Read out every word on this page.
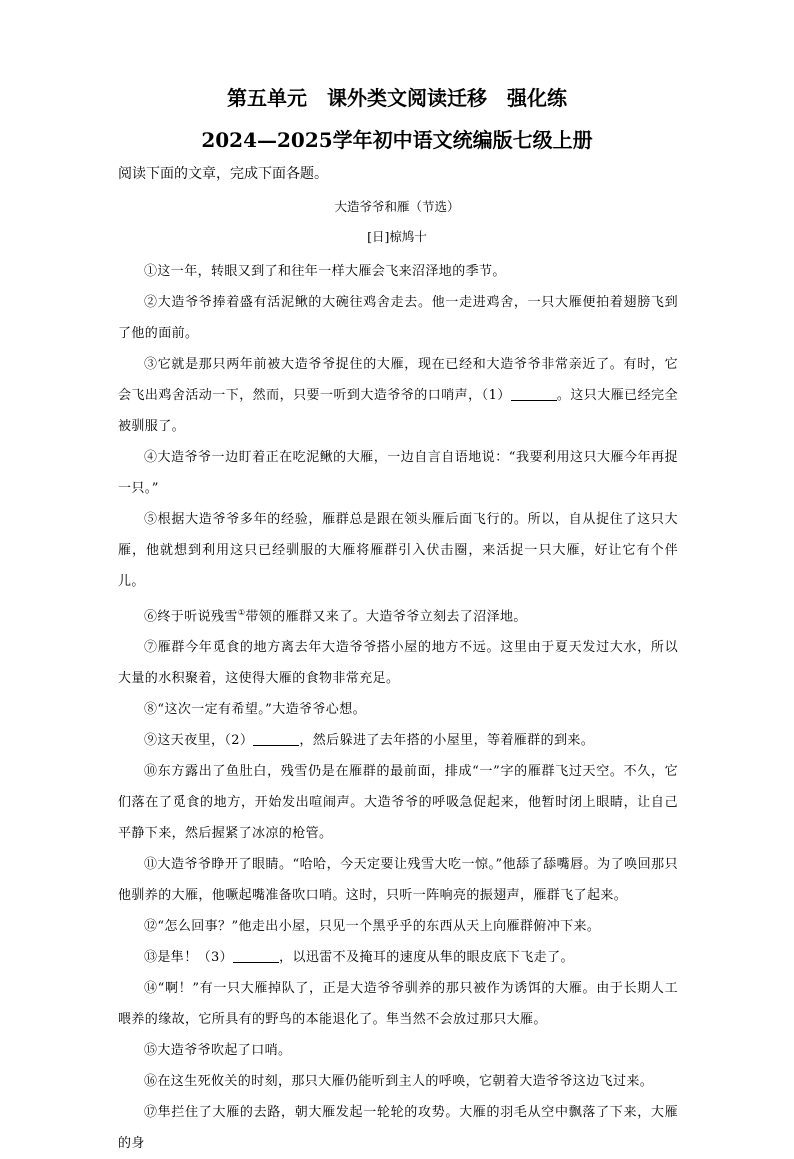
第五单元　课外类文阅读迁移　强化练
2024—2025学年初中语文统编版七级上册
阅读下面的文章，完成下面各题。
大造爷爷和雁（节选）
[日]椋鸠十

①这一年，转眼又到了和往年一样大雁会飞来沼泽地的季节。

②大造爷爷捧着盛有活泥鳅的大碗往鸡舍走去。他一走进鸡舍，一只大雁便拍着翅膀飞到了他的面前。

③它就是那只两年前被大造爷爷捉住的大雁，现在已经和大造爷爷非常亲近了。有时，它会飞出鸡舍活动一下，然而，只要一听到大造爷爷的口哨声，（1）	。这只大雁已经完全被驯服了。

④大造爷爷一边盯着正在吃泥鳅的大雁，一边自言自语地说：“我要利用这只大雁今年再捉一只。”

⑤根据大造爷爷多年的经验，雁群总是跟在领头雁后面飞行的。所以，自从捉住了这只大雁，他就想到利用这只已经驯服的大雁将雁群引入伏击圈，来活捉一只大雁，好让它有个伴儿。

⑥终于听说残雪①带领的雁群又来了。大造爷爷立刻去了沼泽地。

⑦雁群今年觅食的地方离去年大造爷爷搭小屋的地方不远。这里由于夏天发过大水，所以大量的水积聚着，这使得大雁的食物非常充足。

⑧“这次一定有希望。”大造爷爷心想。

⑨这天夜里，（2）	，然后躲进了去年搭的小屋里，等着雁群的到来。

⑩东方露出了鱼肚白，残雪仍是在雁群的最前面，排成“一”字的雁群飞过天空。不久，它们落在了觅食的地方，开始发出喧闹声。大造爷爷的呼吸急促起来，他暂时闭上眼睛，让自己平静下来，然后握紧了冰凉的枪管。

⑪大造爷爷睁开了眼睛。“哈哈，今天定要让残雪大吃一惊。”他舔了舔嘴唇。为了唤回那只他驯养的大雁，他噘起嘴准备吹口哨。这时，只听一阵响亮的振翅声，雁群飞了起来。

⑫“怎么回事？”他走出小屋，只见一个黑乎乎的东西从天上向雁群俯冲下来。

⑬是隼！（3）	，以迅雷不及掩耳的速度从隼的眼皮底下飞走了。

⑭“啊！”有一只大雁掉队了，正是大造爷爷驯养的那只被作为诱饵的大雁。由于长期人工喂养的缘故，它所具有的野鸟的本能退化了。隼当然不会放过那只大雁。

⑮大造爷爷吹起了口哨。

⑯在这生死攸关的时刻，那只大雁仍能听到主人的呼唤，它朝着大造爷爷这边飞过来。

⑰隼拦住了大雁的去路，朝大雁发起一轮轮的攻势。大雁的羽毛从空中飘落了下来，大雁的身
